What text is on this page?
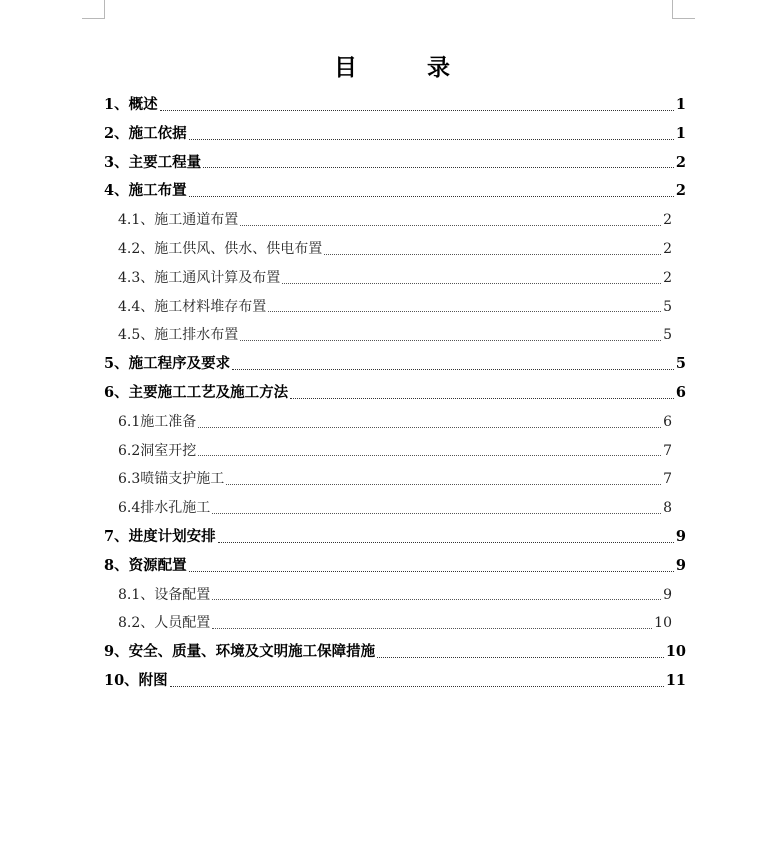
目	录
1、概述	1
2、施工依据	1
3、主要工程量	2
4、施工布置	2
4.1、施工通道布置	2
4.2、施工供风、供水、供电布置	2
4.3、施工通风计算及布置	2
4.4、施工材料堆存布置	5
4.5、施工排水布置	5
5、施工程序及要求	5
6、主要施工工艺及施工方法	6
6.1施工准备	6
6.2洞室开挖	7
6.3喷锚支护施工	7
6.4排水孔施工	8
7、进度计划安排	9
8、资源配置	9
8.1、设备配置	9
8.2、人员配置	10
9、安全、质量、环境及文明施工保障措施	10
10、附图	11
